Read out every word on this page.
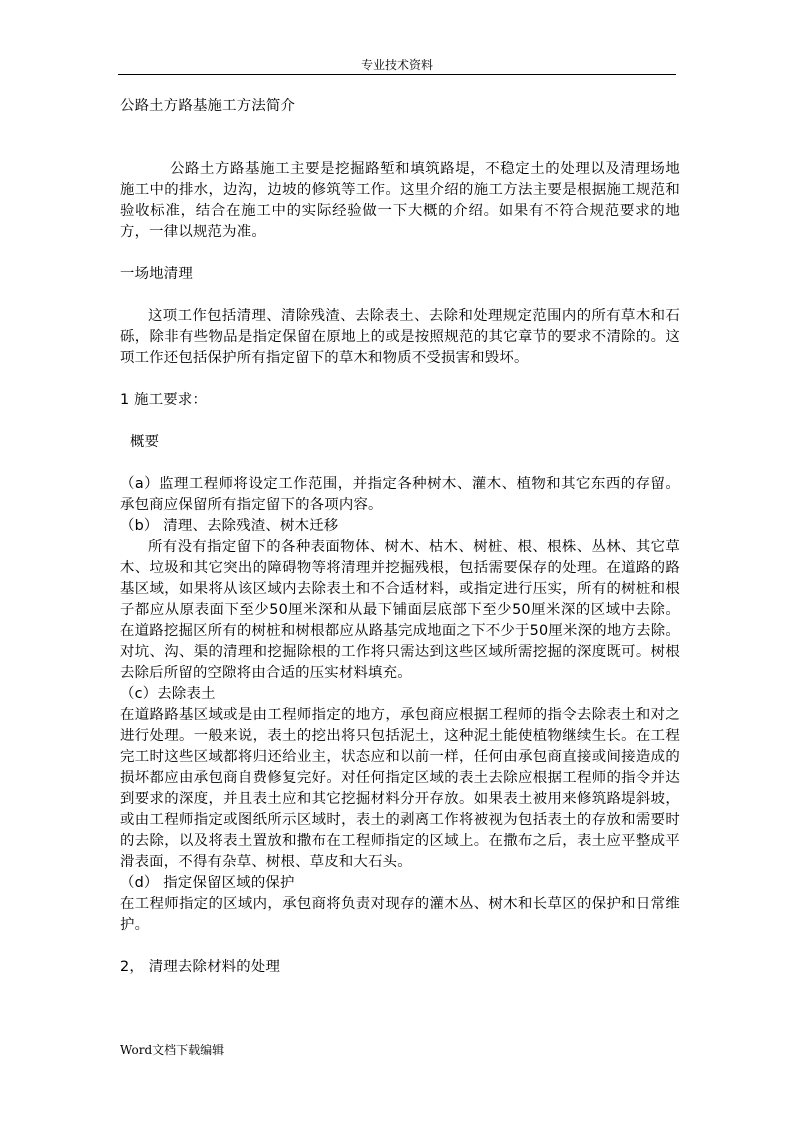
专业技术资料

公路土方路基施工方法简介

公路土方路基施工主要是挖掘路堑和填筑路堤，不稳定土的处理以及清理场地施工中的排水，边沟，边坡的修筑等工作。这里介绍的施工方法主要是根据施工规范和验收标准，结合在施工中的实际经验做一下大概的介绍。如果有不符合规范要求的地方，一律以规范为准。

一场地清理

这项工作包括清理、清除残渣、去除表土、去除和处理规定范围内的所有草木和石砾，除非有些物品是指定保留在原地上的或是按照规范的其它章节的要求不清除的。这项工作还包括保护所有指定留下的草木和物质不受损害和毁坏。

1 施工要求：

概要

（a）监理工程师将设定工作范围，并指定各种树木、灌木、植物和其它东西的存留。承包商应保留所有指定留下的各项内容。

（b） 清理、去除残渣、树木迁移

所有没有指定留下的各种表面物体、树木、枯木、树桩、根、根株、丛林、其它草木、垃圾和其它突出的障碍物等将清理并挖掘残根，包括需要保存的处理。在道路的路基区域，如果将从该区域内去除表土和不合适材料，或指定进行压实，所有的树桩和根子都应从原表面下至少50厘米深和从最下铺面层底部下至少50厘米深的区域中去除。在道路挖掘区所有的树桩和树根都应从路基完成地面之下不少于50厘米深的地方去除。对坑、沟、渠的清理和挖掘除根的工作将只需达到这些区域所需挖掘的深度既可。树根去除后所留的空隙将由合适的压实材料填充。

（c）去除表土

在道路路基区域或是由工程师指定的地方，承包商应根据工程师的指令去除表土和对之进行处理。一般来说，表土的挖出将只包括泥土，这种泥土能使植物继续生长。在工程完工时这些区域都将归还给业主，状态应和以前一样，任何由承包商直接或间接造成的损坏都应由承包商自费修复完好。对任何指定区域的表土去除应根据工程师的指令并达到要求的深度，并且表土应和其它挖掘材料分开存放。如果表土被用来修筑路堤斜坡，或由工程师指定或图纸所示区域时，表土的剥离工作将被视为包括表土的存放和需要时的去除，以及将表土置放和撒布在工程师指定的区域上。在撒布之后，表土应平整成平滑表面，不得有杂草、树根、草皮和大石头。

（d） 指定保留区域的保护

在工程师指定的区域内，承包商将负责对现存的灌木丛、树木和长草区的保护和日常维护。

2， 清理去除材料的处理

Word文档下载编辑
